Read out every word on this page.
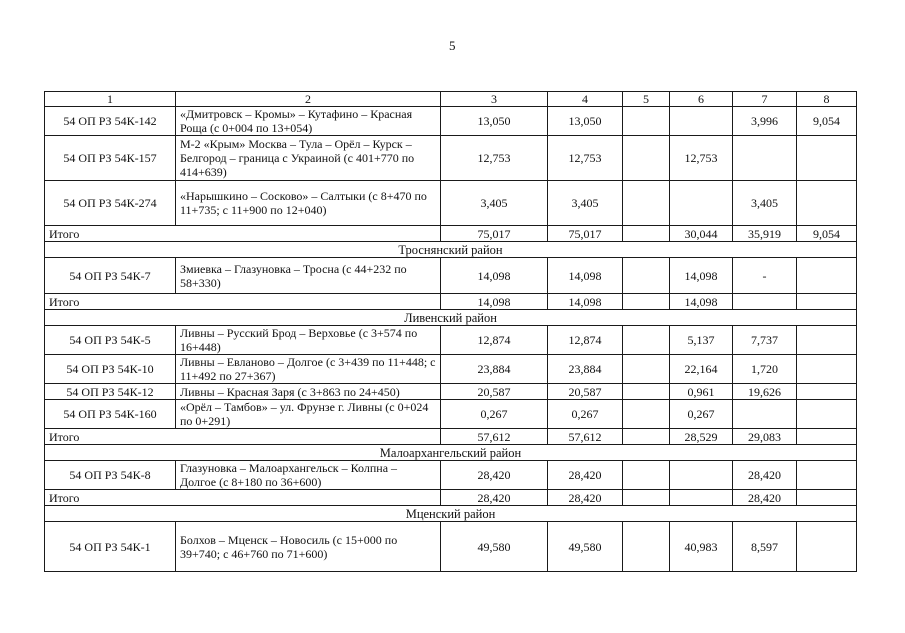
5
1	2	3	4	5	6	7	8
54 ОП РЗ 54К-142	«Дмитровск – Кромы» – Кутафино – Красная Роща (с 0+004 по 13+054)	13,050	13,050			3,996	9,054
54 ОП РЗ 54К-157	М-2 «Крым» Москва – Тула – Орёл – Курск – Белгород – граница с Украиной (с 401+770 по 414+639)	12,753	12,753		12,753		
54 ОП РЗ 54К-274	«Нарышкино – Сосково» – Салтыки (с 8+470 по 11+735; с 11+900 по 12+040)	3,405	3,405			3,405	
Итого		75,017	75,017		30,044	35,919	9,054
Троснянский район							
54 ОП РЗ 54К-7	Змиевка – Глазуновка – Тросна (с 44+232 по 58+330)	14,098	14,098		14,098	-	
Итого		14,098	14,098		14,098		
Ливенский район							
54 ОП РЗ 54К-5	Ливны – Русский Брод – Верховье (с 3+574 по 16+448)	12,874	12,874		5,137	7,737	
54 ОП РЗ 54К-10	Ливны – Евланово – Долгое (с 3+439 по 11+448; с 11+492 по 27+367)	23,884	23,884		22,164	1,720	
54 ОП РЗ 54К-12	Ливны – Красная Заря (с 3+863 по 24+450)	20,587	20,587		0,961	19,626	
54 ОП РЗ 54К-160	«Орёл – Тамбов» – ул. Фрунзе г. Ливны (с 0+024 по 0+291)	0,267	0,267		0,267		
Итого		57,612	57,612		28,529	29,083	
Малоархангельский район							
54 ОП РЗ 54К-8	Глазуновка – Малоархангельск – Колпна – Долгое (с 8+180 по 36+600)	28,420	28,420			28,420	
Итого		28,420	28,420			28,420	
Мценский район							
54 ОП РЗ 54К-1	Болхов – Мценск – Новосиль (с 15+000 по 39+740; с 46+760 по 71+600)	49,580	49,580		40,983	8,597	
